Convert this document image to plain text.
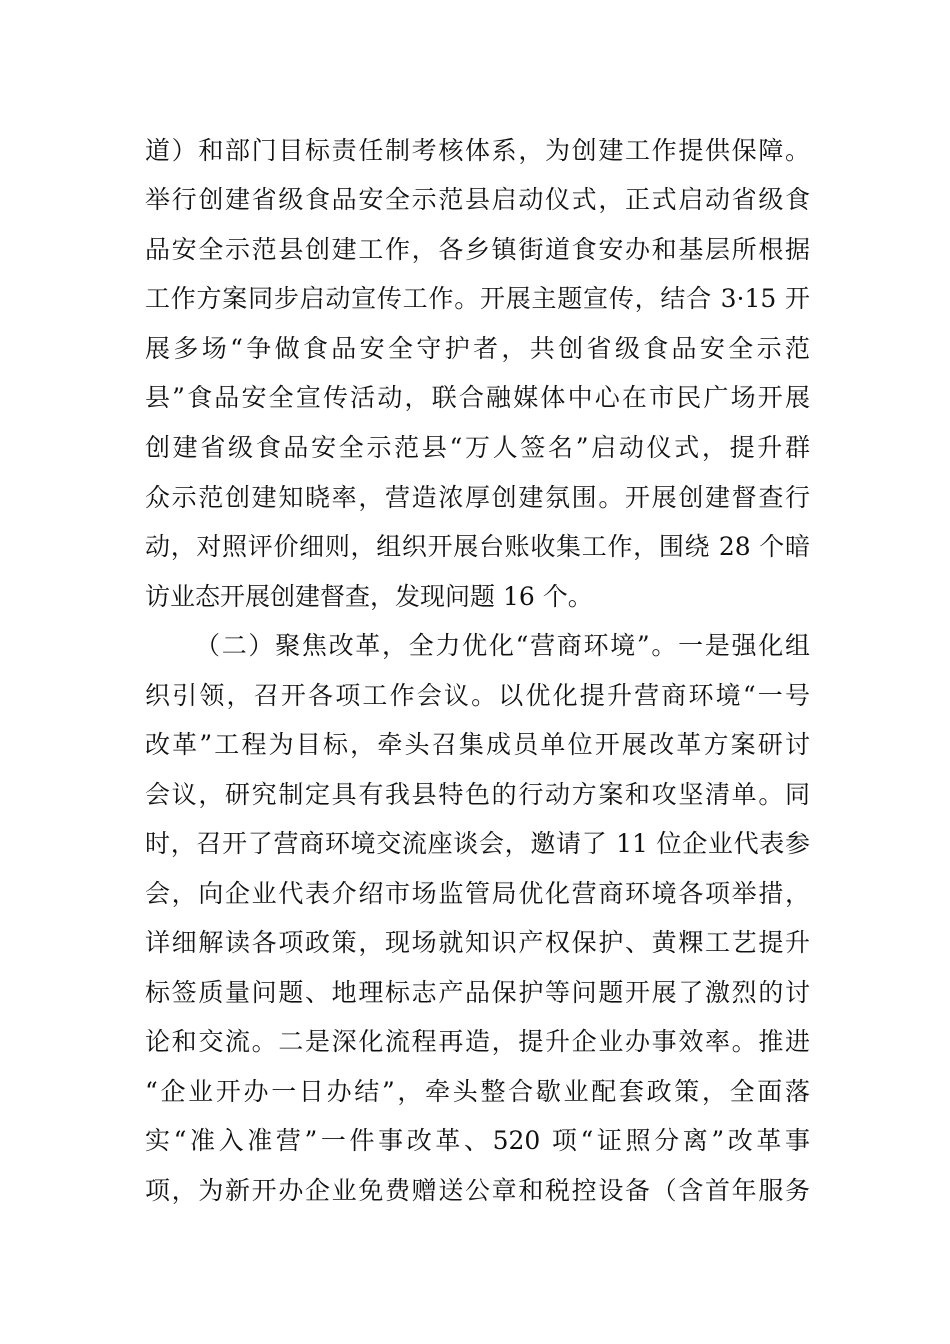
道）和部门目标责任制考核体系，为创建工作提供保障。
举行创建省级食品安全示范县启动仪式，正式启动省级食
品安全示范县创建工作，各乡镇街道食安办和基层所根据
工作方案同步启动宣传工作。开展主题宣传，结合 3·15 开
展多场“争做食品安全守护者，共创省级食品安全示范
县”食品安全宣传活动，联合融媒体中心在市民广场开展
创建省级食品安全示范县“万人签名”启动仪式，提升群
众示范创建知晓率，营造浓厚创建氛围。开展创建督查行
动，对照评价细则，组织开展台账收集工作，围绕 28 个暗
访业态开展创建督查，发现问题 16 个。
（二）聚焦改革，全力优化“营商环境”。一是强化组
织引领，召开各项工作会议。以优化提升营商环境“一号
改革”工程为目标，牵头召集成员单位开展改革方案研讨
会议，研究制定具有我县特色的行动方案和攻坚清单。同
时，召开了营商环境交流座谈会，邀请了 11 位企业代表参
会，向企业代表介绍市场监管局优化营商环境各项举措，
详细解读各项政策，现场就知识产权保护、黄粿工艺提升
标签质量问题、地理标志产品保护等问题开展了激烈的讨
论和交流。二是深化流程再造，提升企业办事效率。推进
“企业开办一日办结”，牵头整合歇业配套政策，全面落
实“准入准营”一件事改革、520 项“证照分离”改革事
项，为新开办企业免费赠送公章和税控设备（含首年服务
